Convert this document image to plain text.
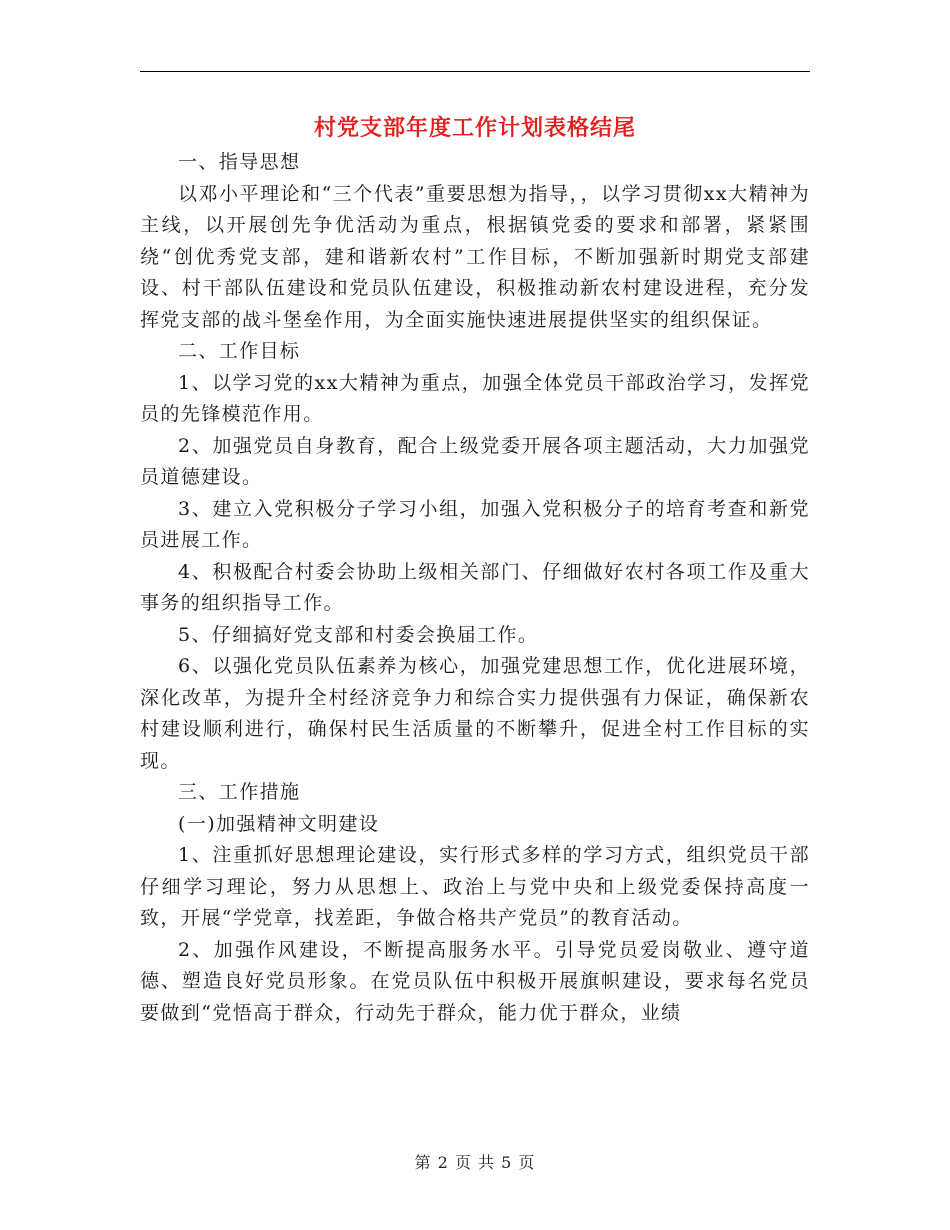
村党支部年度工作计划表格结尾

一、指导思想

以邓小平理论和“三个代表”重要思想为指导，，以学习贯彻xx大精神为主线，以开展创先争优活动为重点，根据镇党委的要求和部署，紧紧围绕“创优秀党支部，建和谐新农村”工作目标，不断加强新时期党支部建设、村干部队伍建设和党员队伍建设，积极推动新农村建设进程，充分发挥党支部的战斗堡垒作用，为全面实施快速进展提供坚实的组织保证。

二、工作目标

1、以学习党的xx大精神为重点，加强全体党员干部政治学习，发挥党员的先锋模范作用。

2、加强党员自身教育，配合上级党委开展各项主题活动，大力加强党员道德建设。

3、建立入党积极分子学习小组，加强入党积极分子的培育考查和新党员进展工作。

4、积极配合村委会协助上级相关部门、仔细做好农村各项工作及重大事务的组织指导工作。

5、仔细搞好党支部和村委会换届工作。

6、以强化党员队伍素养为核心，加强党建思想工作，优化进展环境，深化改革，为提升全村经济竞争力和综合实力提供强有力保证，确保新农村建设顺利进行，确保村民生活质量的不断攀升，促进全村工作目标的实现。

三、工作措施

(一)加强精神文明建设

1、注重抓好思想理论建设，实行形式多样的学习方式，组织党员干部仔细学习理论，努力从思想上、政治上与党中央和上级党委保持高度一致，开展“学党章，找差距，争做合格共产党员”的教育活动。

2、加强作风建设，不断提高服务水平。引导党员爱岗敬业、遵守道德、塑造良好党员形象。在党员队伍中积极开展旗帜建设，要求每名党员要做到“党悟高于群众，行动先于群众，能力优于群众，业绩

第 2 页 共 5 页
